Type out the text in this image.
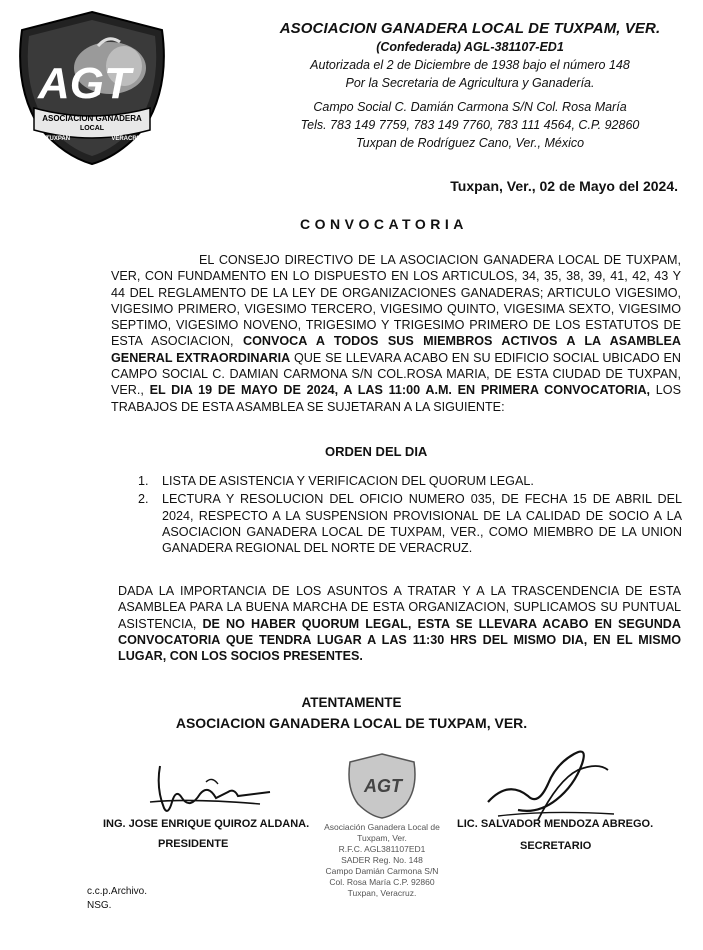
AGT
ASOCIACION GANADERA
LOCAL
TUXPAN	VERACRUZ
ASOCIACION GANADERA LOCAL DE TUXPAM, VER.
(Confederada) AGL-381107-ED1
Autorizada el 2 de Diciembre de 1938 bajo el número 148
Por la Secretaria de Agricultura y Ganadería.
Campo Social C. Damián Carmona S/N Col. Rosa María
Tels. 783 149 7759, 783 149 7760, 783 111 4564, C.P. 92860
Tuxpan de Rodríguez Cano, Ver., México
Tuxpan, Ver., 02 de Mayo del 2024.
CONVOCATORIA
EL CONSEJO DIRECTIVO DE LA ASOCIACION GANADERA LOCAL DE TUXPAM, VER, CON FUNDAMENTO EN LO DISPUESTO EN LOS ARTICULOS, 34, 35, 38, 39, 41, 42, 43 Y 44 DEL REGLAMENTO DE LA LEY DE ORGANIZACIONES GANADERAS; ARTICULO VIGESIMO, VIGESIMO PRIMERO, VIGESIMO TERCERO, VIGESIMO QUINTO, VIGESIMA SEXTO, VIGESIMO SEPTIMO, VIGESIMO NOVENO, TRIGESIMO Y TRIGESIMO PRIMERO DE LOS ESTATUTOS DE ESTA ASOCIACION, CONVOCA A TODOS SUS MIEMBROS ACTIVOS A LA ASAMBLEA GENERAL EXTRAORDINARIA QUE SE LLEVARA ACABO EN SU EDIFICIO SOCIAL UBICADO EN CAMPO SOCIAL C. DAMIAN CARMONA S/N COL.ROSA MARIA, DE ESTA CIUDAD DE TUXPAN, VER., EL DIA 19 DE MAYO DE 2024, A LAS 11:00 A.M. EN PRIMERA CONVOCATORIA, LOS TRABAJOS DE ESTA ASAMBLEA SE SUJETARAN A LA SIGUIENTE:
ORDEN DEL DIA
1. LISTA DE ASISTENCIA Y VERIFICACION DEL QUORUM LEGAL.
2. LECTURA Y RESOLUCION DEL OFICIO NUMERO 035, DE FECHA 15 DE ABRIL DEL 2024, RESPECTO A LA SUSPENSION PROVISIONAL DE LA CALIDAD DE SOCIO A LA ASOCIACION GANADERA LOCAL DE TUXPAM, VER., COMO MIEMBRO DE LA UNION GANADERA REGIONAL DEL NORTE DE VERACRUZ.
DADA LA IMPORTANCIA DE LOS ASUNTOS A TRATAR Y A LA TRASCENDENCIA DE ESTA ASAMBLEA PARA LA BUENA MARCHA DE ESTA ORGANIZACION, SUPLICAMOS SU PUNTUAL ASISTENCIA, DE NO HABER QUORUM LEGAL, ESTA SE LLEVARA ACABO EN SEGUNDA CONVOCATORIA QUE TENDRA LUGAR A LAS 11:30 HRS DEL MISMO DIA, EN EL MISMO LUGAR, CON LOS SOCIOS PRESENTES.
ATENTAMENTE
ASOCIACION GANADERA LOCAL DE TUXPAM, VER.
ING. JOSE ENRIQUE QUIROZ ALDANA.
PRESIDENTE
AGT
Asociación Ganadera Local de
Tuxpam, Ver.
R.F.C. AGL381107ED1
SADER Reg. No. 148
Campo Damián Carmona S/N
Col. Rosa María C.P. 92860
Tuxpan, Veracruz.
LIC. SALVADOR MENDOZA ABREGO.
SECRETARIO
c.c.p.Archivo.
NSG.
